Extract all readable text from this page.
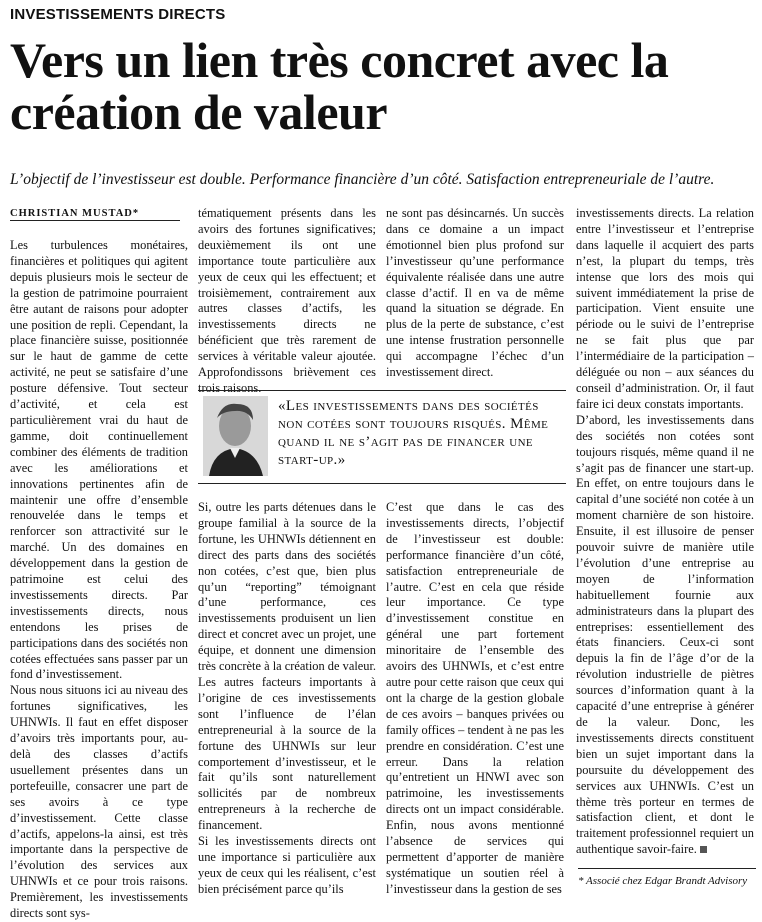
INVESTISSEMENTS DIRECTS
Vers un lien très concret avec la création de valeur
L’objectif de l’investisseur est double. Performance financière d’un côté. Satisfaction entrepreneuriale de l’autre.
CHRISTIAN MUSTAD*

Les turbulences monétaires, financières et politiques qui agitent depuis plusieurs mois le secteur de la gestion de patrimoine pourraient être autant de raisons pour adopter une position de repli. Cependant, la place financière suisse, positionnée sur le haut de gamme de cette activité, ne peut se satisfaire d’une posture défensive. Tout secteur d’activité, et cela est particulièrement vrai du haut de gamme, doit continuellement combiner des éléments de tradition avec les améliorations et innovations pertinentes afin de maintenir une offre d’ensemble renouvelée dans le temps et renforcer son attractivité sur le marché. Un des domaines en développement dans la gestion de patrimoine est celui des investissements directs. Par investissements directs, nous entendons les prises de participations dans des sociétés non cotées effectuées sans passer par un fond d’investissement.

Nous nous situons ici au niveau des fortunes significatives, les UHNWIs. Il faut en effet disposer d’avoirs très importants pour, au-delà des classes d’actifs usuellement présentes dans un portefeuille, consacrer une part de ses avoirs à ce type d’investissement. Cette classe d’actifs, appelons-la ainsi, est très importante dans la perspective de l’évolution des services aux UHNWIs et ce pour trois raisons. Premièrement, les investissements directs sont sys-

tématiquement présents dans les avoirs des fortunes significatives; deuxièmement ils ont une importance toute particulière aux yeux de ceux qui les effectuent; et troisièmement, contrairement aux autres classes d’actifs, les investissements directs ne bénéficient que très rarement de services à véritable valeur ajoutée. Approfondissons brièvement ces trois raisons.

ne sont pas désincarnés. Un succès dans ce domaine a un impact émotionnel bien plus profond sur l’investisseur qu’une performance équivalente réalisée dans une autre classe d’actif. Il en va de même quand la situation se dégrade. En plus de la perte de substance, c’est une intense frustration personnelle qui accompagne l’échec d’un investissement direct.

«Les investissements dans des sociétés non cotées sont toujours risqués. Même quand il ne s’agit pas de financer une start-up.»

Si, outre les parts détenues dans le groupe familial à la source de la fortune, les UHNWIs détiennent en direct des parts dans des sociétés non cotées, c’est que, bien plus qu’un “reporting” témoignant d’une performance, ces investissements produisent un lien direct et concret avec un projet, une équipe, et donnent une dimension très concrète à la création de valeur. Les autres facteurs importants à l’origine de ces investissements sont l’influence de l’élan entrepreneurial à la source de la fortune des UHNWIs sur leur comportement d’investisseur, et le fait qu’ils sont naturellement sollicités par de nombreux entrepreneurs à la recherche de financement.

Si les investissements directs ont une importance si particulière aux yeux de ceux qui les réalisent, c’est bien précisément parce qu’ils

C’est que dans le cas des investissements directs, l’objectif de l’investisseur est double: performance financière d’un côté, satisfaction entrepreneuriale de l’autre. C’est en cela que réside leur importance. Ce type d’investissement constitue en général une part fortement minoritaire de l’ensemble des avoirs des UHNWIs, et c’est entre autre pour cette raison que ceux qui ont la charge de la gestion globale de ces avoirs – banques privées ou family offices – tendent à ne pas les prendre en considération. C’est une erreur. Dans la relation qu’entretient un HNWI avec son patrimoine, les investissements directs ont un impact considérable. Enfin, nous avons mentionné l’absence de services qui permettent d’apporter de manière systématique un soutien réel à l’investisseur dans la gestion de ses

investissements directs. La relation entre l’investisseur et l’entreprise dans laquelle il acquiert des parts n’est, la plupart du temps, très intense que lors des mois qui suivent immédiatement la prise de participation. Vient ensuite une période ou le suivi de l’entreprise ne se fait plus que par l’intermédiaire de la participation – déléguée ou non – aux séances du conseil d’administration. Or, il faut faire ici deux constats importants.

D’abord, les investissements dans des sociétés non cotées sont toujours risqués, même quand il ne s’agit pas de financer une start-up. En effet, on entre toujours dans le capital d’une société non cotée à un moment charnière de son histoire. Ensuite, il est illusoire de penser pouvoir suivre de manière utile l’évolution d’une entreprise au moyen de l’information habituellement fournie aux administrateurs dans la plupart des entreprises: essentiellement des états financiers. Ceux-ci sont depuis la fin de l’âge d’or de la révolution industrielle de piètres sources d’information quant à la capacité d’une entreprise à générer de la valeur. Donc, les investissements directs constituent bien un sujet important dans la poursuite du développement des services aux UHNWIs. C’est un thème très porteur en termes de satisfaction client, et dont le traitement professionnel requiert un authentique savoir-faire.

* Associé chez Edgar Brandt Advisory
